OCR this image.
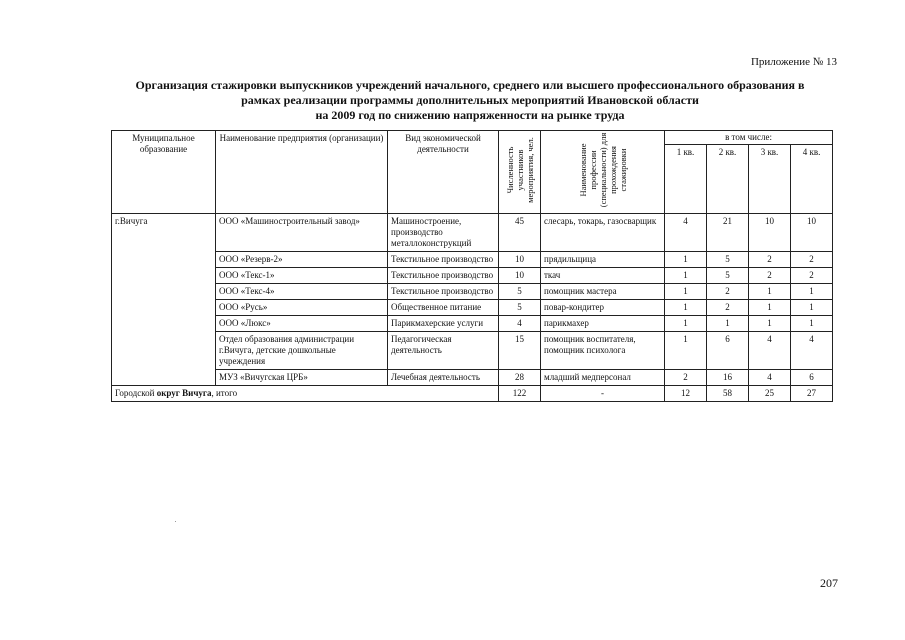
Приложение № 13
Организация стажировки выпускников учреждений начального, среднего или высшего профессионального образования в
рамках реализации программы дополнительных мероприятий Ивановской области
на 2009 год по снижению напряженности на рынке труда
Муниципальное образование	Наименование предприятия (организации)	Вид экономической деятельности	Численность участников мероприятия, чел.	Наименование профессии (специальности) для прохождения стажировки	в том числе:			
					1 кв.	2 кв.	3 кв.	4 кв.
г.Вичуга	ООО «Машиностроительный завод»	Машиностроение, производство металлоконструкций	45	слесарь, токарь, газосварщик	4	21	10	10
	ООО «Резерв-2»	Текстильное производство	10	прядильщица	1	5	2	2
	ООО «Текс-1»	Текстильное производство	10	ткач	1	5	2	2
	ООО «Текс-4»	Текстильное производство	5	помощник мастера	1	2	1	1
	ООО «Русь»	Общественное питание	5	повар-кондитер	1	2	1	1
	ООО «Люкс»	Парикмахерские услуги	4	парикмахер	1	1	1	1
	Отдел образования администрации г.Вичуга, детские дошкольные учреждения	Педагогическая деятельность	15	помощник воспитателя, помощник психолога	1	6	4	4
	МУЗ «Вичугская ЦРБ»	Лечебная деятельность	28	младший медперсонал	2	16	4	6
Городской округ Вичуга, итого			122	-	12	58	25	27
207
